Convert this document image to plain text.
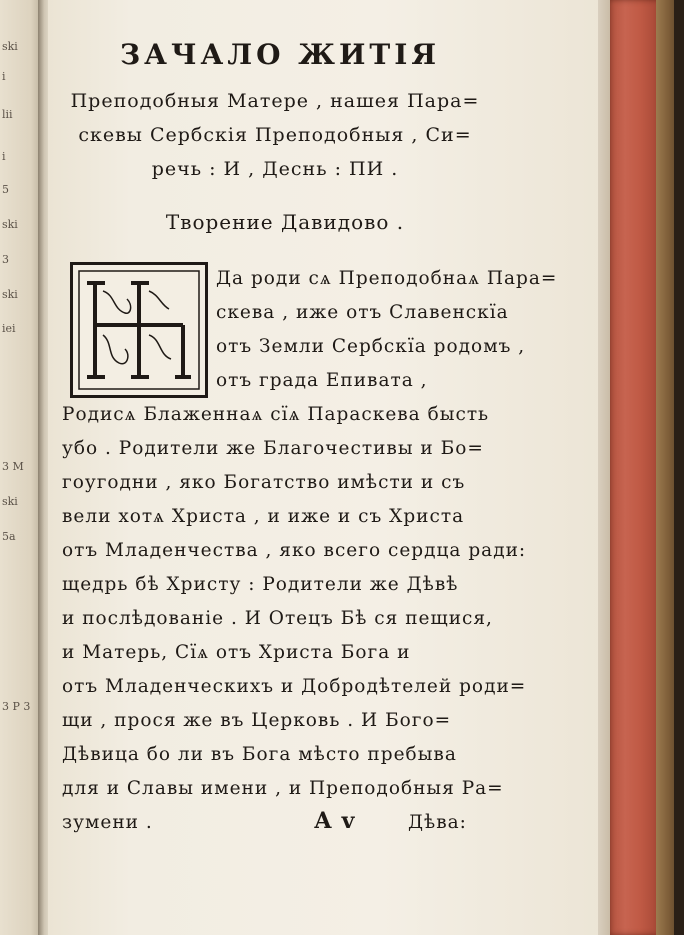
ski
i
lii
i
5
ski
3
ski
iei
3 M
ski
5a
3 P 3
ЗАЧАЛО ЖИТІЯ
Преподобныя Матере , нашея Пара=
скевы Сербскія Преподобныя , Си=
речь : И , Деснь : ПИ .
Творение Давидово .
Да роди сѧ Преподобнаѧ Пара=
скева , иже отъ Славенскїа
отъ Земли Сербскїа родомъ ,
отъ града Епивата ,
Родисѧ Блаженнаѧ сїѧ Параскева бысть
убо . Родители же Благочестивы и Бо=
гоугодни , яко Богатство имѣсти и съ
вели хотѧ Христа , и иже и съ Христа
отъ Младенчества , яко всего сердца ради:
щедрь бѣ Христу : Родители же Дѣвѣ
и послѣдованіе . И Отецъ Бѣ ся пещися,
и Матерь, Сїѧ отъ Христа Бога и
отъ Младенческихъ и Добродѣтелей роди=
щи , прося же въ Церковь . И Бого=
Дѣвица бо ли въ Бога мѣсто пребыва
для и Славы имени , и Преподобныя Ра=
зумени .	А v	Дѣва:
